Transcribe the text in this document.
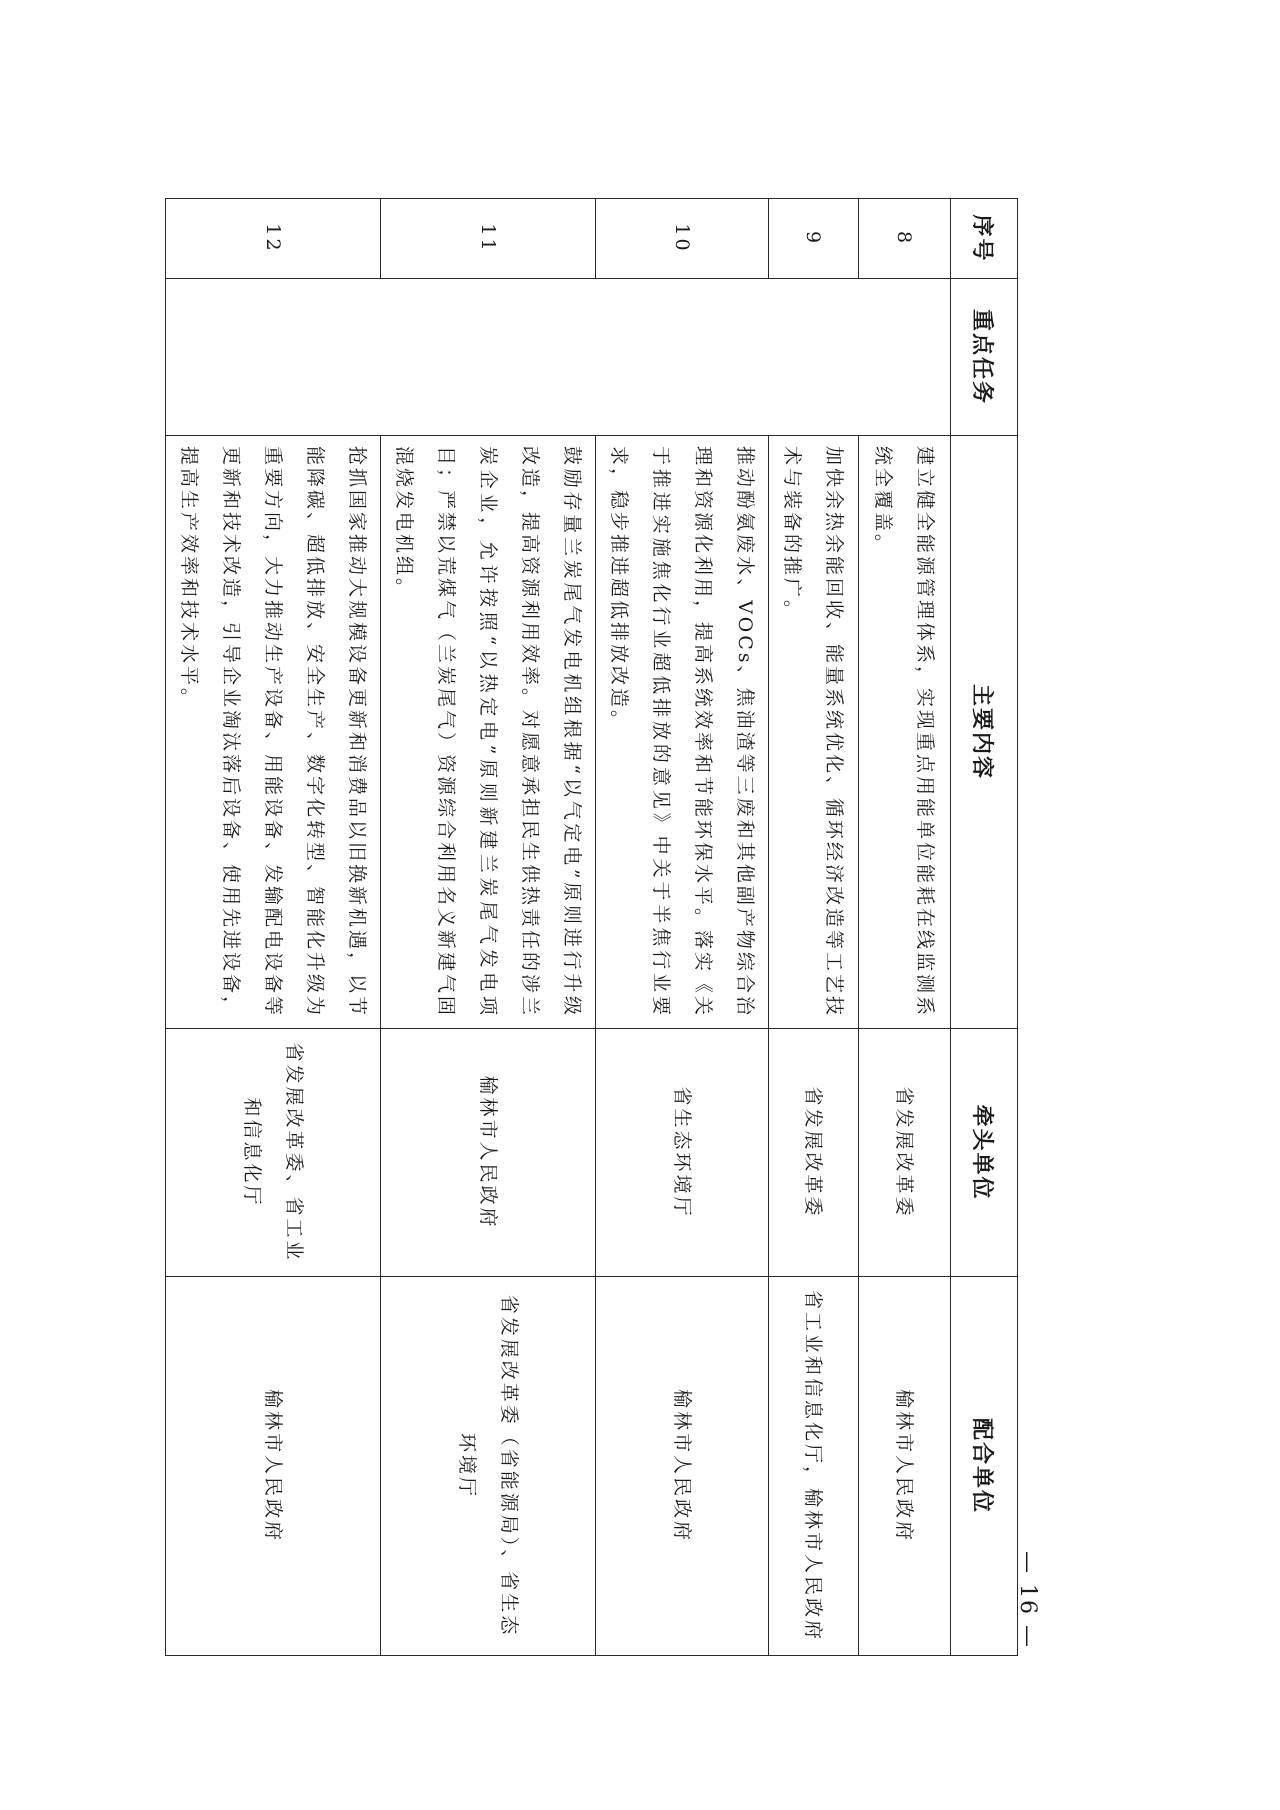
序号	重点任务	主要内容	牵头单位	配合单位
8		建立健全能源管理体系，实现重点用能单位能耗在线监测系统全覆盖。	省发展改革委	榆林市人民政府
9		加快余热余能回收、能量系统优化、循环经济改造等工艺技术与装备的推广。	省发展改革委	省工业和信息化厅，榆林市人民政府
10		推动酚氨废水、VOCs、焦油渣等三废和其他副产物综合治理和资源化利用，提高系统效率和节能环保水平。落实《关于推进实施焦化行业超低排放的意见》中关于半焦行业要求，稳步推进超低排放改造。	省生态环境厅	榆林市人民政府
11		鼓励存量兰炭尾气发电机组根据“以气定电”原则进行升级改造，提高资源利用效率。对愿意承担民生供热责任的涉兰炭企业，允许按照“以热定电”原则新建兰炭尾气发电项目；严禁以荒煤气（兰炭尾气）资源综合利用名义新建气固混烧发电机组。	榆林市人民政府	省发展改革委（省能源局）、省生态环境厅
12		抢抓国家推动大规模设备更新和消费品以旧换新机遇，以节能降碳、超低排放、安全生产、数字化转型、智能化升级为重要方向，大力推动生产设备、用能设备、发输配电设备等更新和技术改造，引导企业淘汰落后设备、使用先进设备，提高生产效率和技术水平。	省发展改革委、省工业和信息化厅	榆林市人民政府
— 16 —
